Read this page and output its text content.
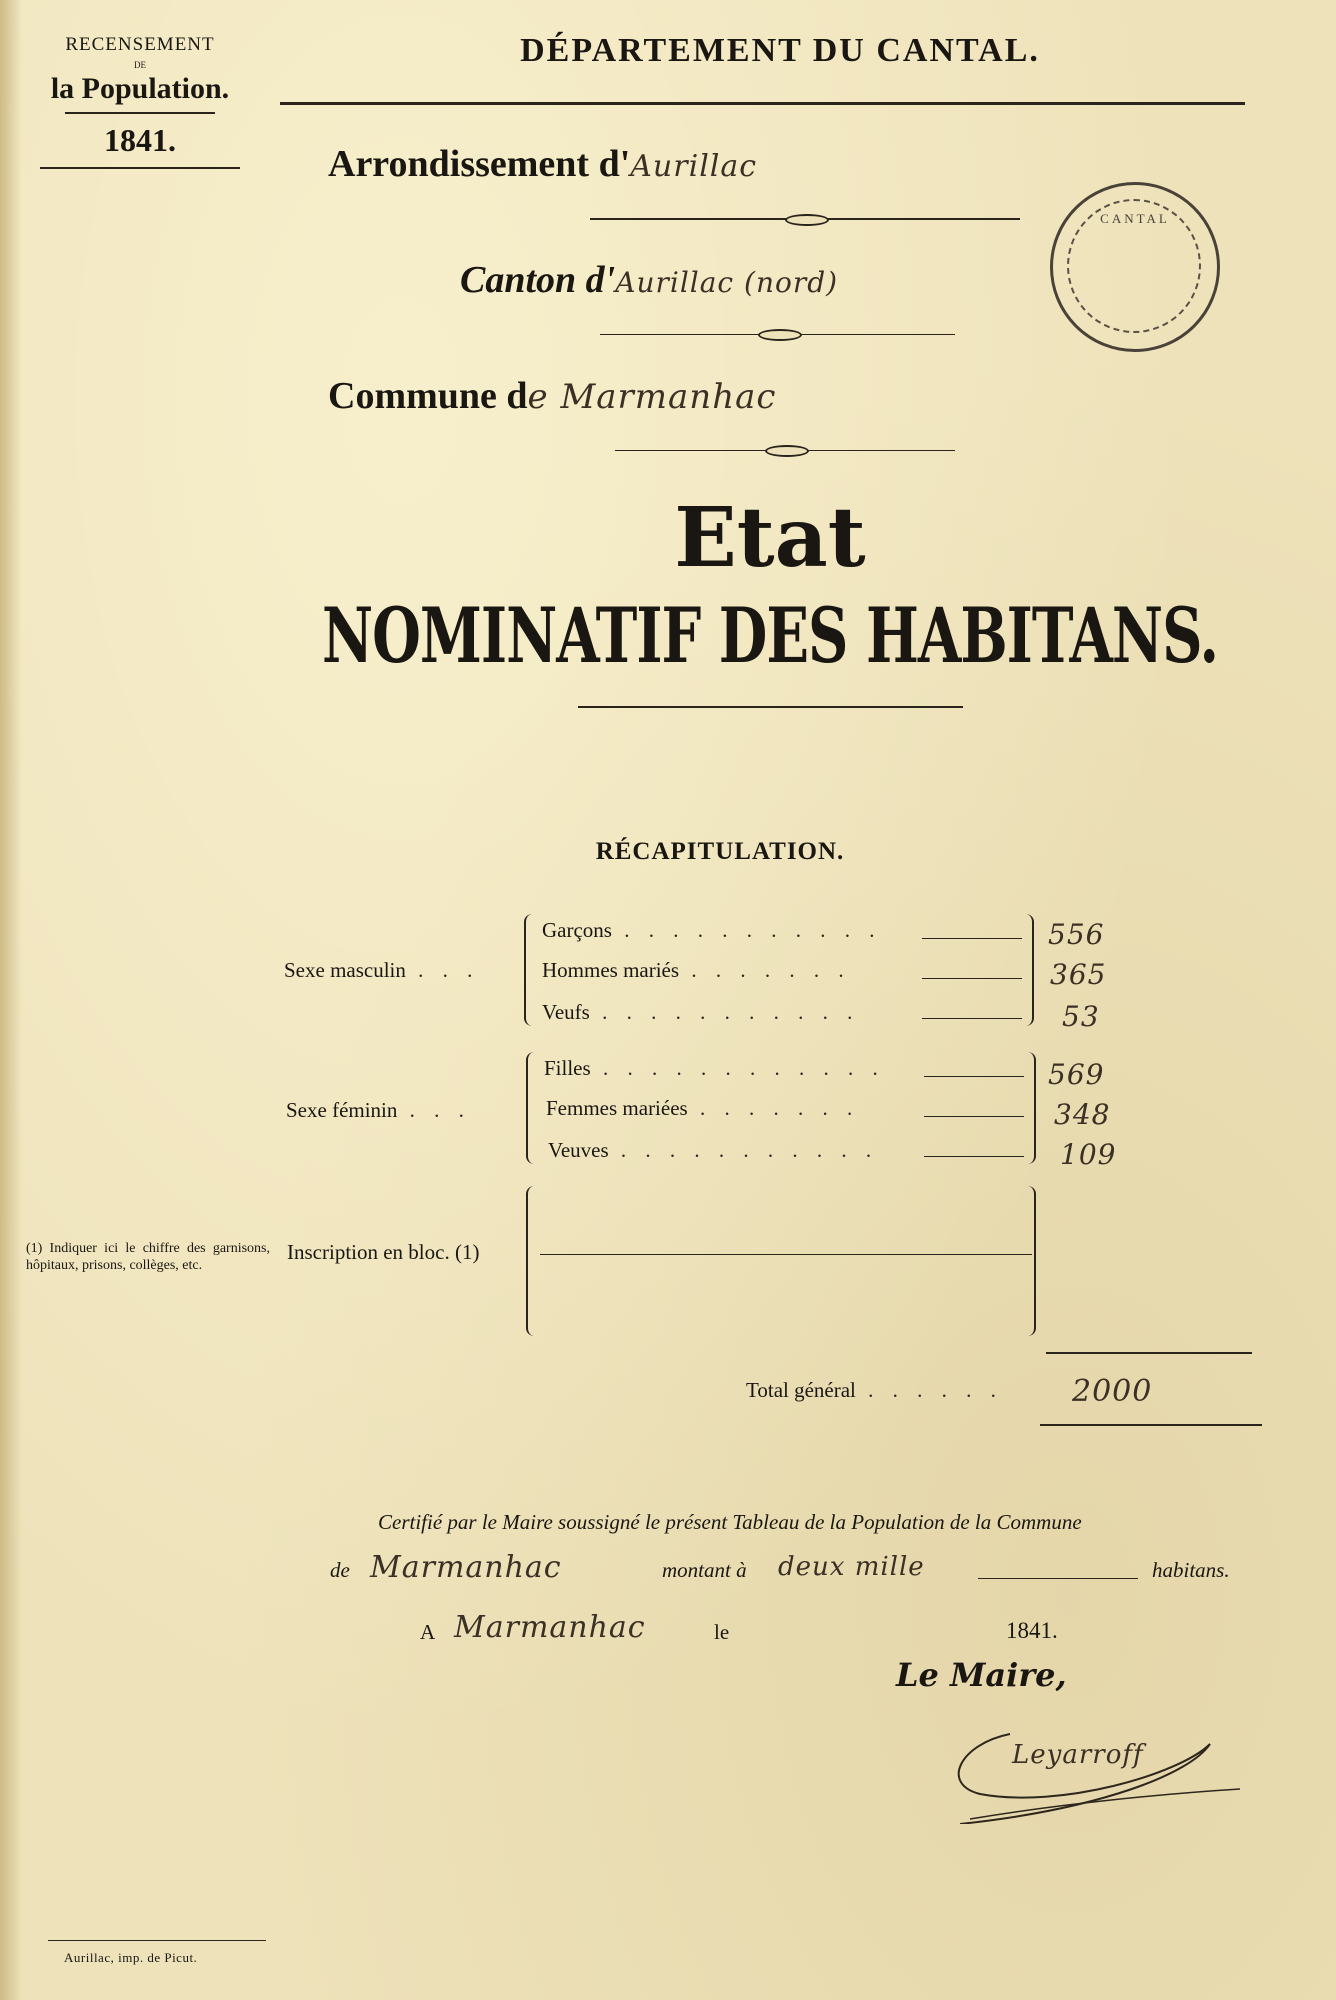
RECENSEMENT
DE
la Population.
1841.
DÉPARTEMENT DU CANTAL.
Arrondissement d'Aurillac
Canton d'Aurillac (nord)
Commune de Marmanhac
CANTAL
Etat
NOMINATIF DES HABITANS.
RÉCAPITULATION.
Sexe masculin . . .
Garçons . . . . . . . . . . .	556
Hommes mariés . . . . . . .	365
Veufs . . . . . . . . . . .	53
Sexe féminin . . .
Filles . . . . . . . . . . . .	569
Femmes mariées . . . . . . .	348
Veuves . . . . . . . . . . .	109
(1) Indiquer ici le chiffre des garnisons, hôpitaux, prisons, collèges, etc.
Inscription en bloc. (1)
Total général . . . . . . 2000
Certifié par le Maire soussigné le présent Tableau de la Population de la Commune
de Marmanhac	montant à deux mille	habitans.
A Marmanhac	le	1841.
Le Maire,
Leyarroff
Aurillac, imp. de Picut.
